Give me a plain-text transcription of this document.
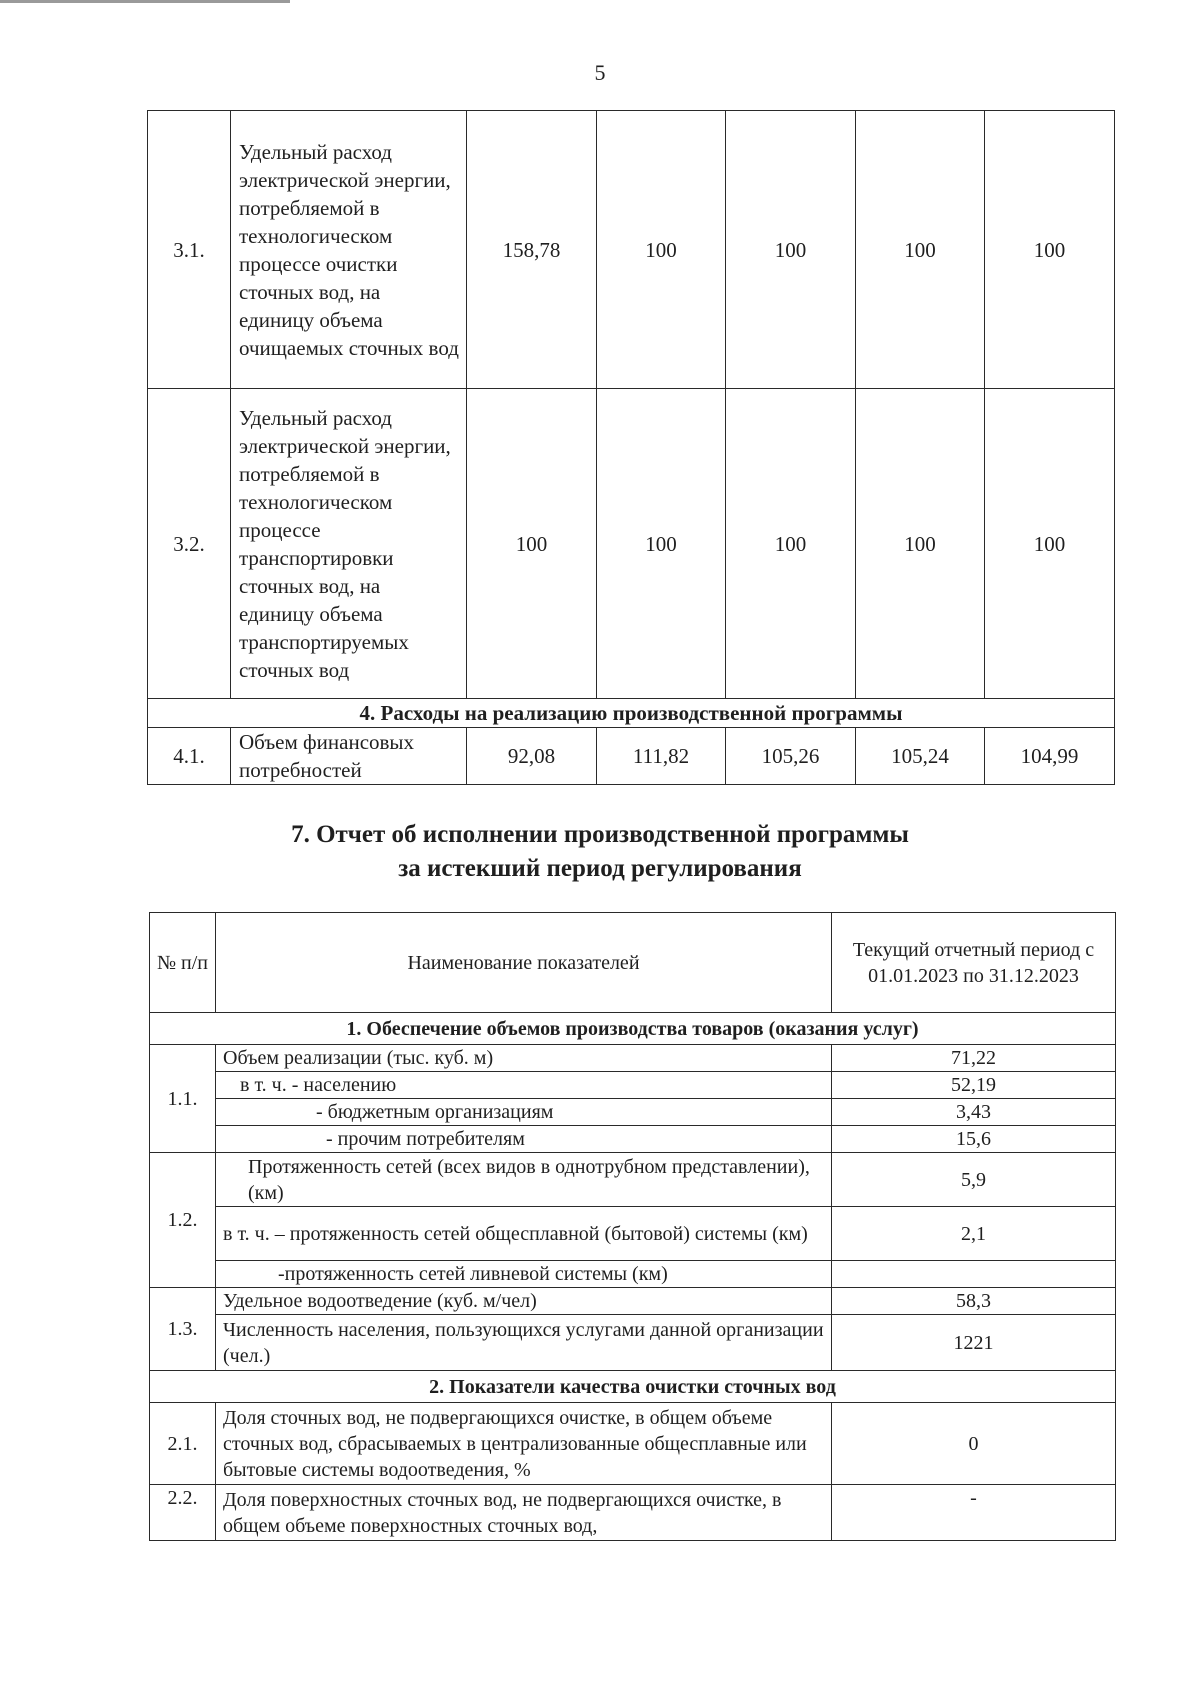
5
3.1.	Удельный расход электрической энергии, потребляемой в технологическом процессе очистки сточных вод, на единицу объема очищаемых сточных вод	158,78	100	100	100	100
3.2.	Удельный расход электрической энергии, потребляемой в технологическом процессе транспортировки сточных вод, на единицу объема транспортируемых сточных вод	100	100	100	100	100
4. Расходы на реализацию производственной программы						
4.1.	Объем финансовых потребностей	92,08	111,82	105,26	105,24	104,99
7. Отчет об исполнении производственной программы
за истекший период регулирования
№ п/п	Наименование показателей	Текущий отчетный период с 01.01.2023 по 31.12.2023
1. Обеспечение объемов производства товаров (оказания услуг)		
1.1.	Объем реализации (тыс. куб. м)	71,22
	в т. ч. - населению	52,19
	- бюджетным организациям	3,43
	- прочим потребителям	15,6
1.2.	Протяженность сетей (всех видов в однотрубном представлении), (км)	5,9
	в т. ч. – протяженность сетей общесплавной (бытовой) системы (км)	2,1
	-протяженность сетей ливневой системы (км)	
1.3.	Удельное водоотведение (куб. м/чел)	58,3
	Численность населения, пользующихся услугами данной организации (чел.)	1221
2. Показатели качества очистки сточных вод		
2.1.	Доля сточных вод, не подвергающихся очистке, в общем объеме сточных вод, сбрасываемых в централизованные общесплавные или бытовые системы водоотведения, %	0
2.2.	Доля поверхностных сточных вод, не подвергающихся очистке, в общем объеме поверхностных сточных вод,	-
